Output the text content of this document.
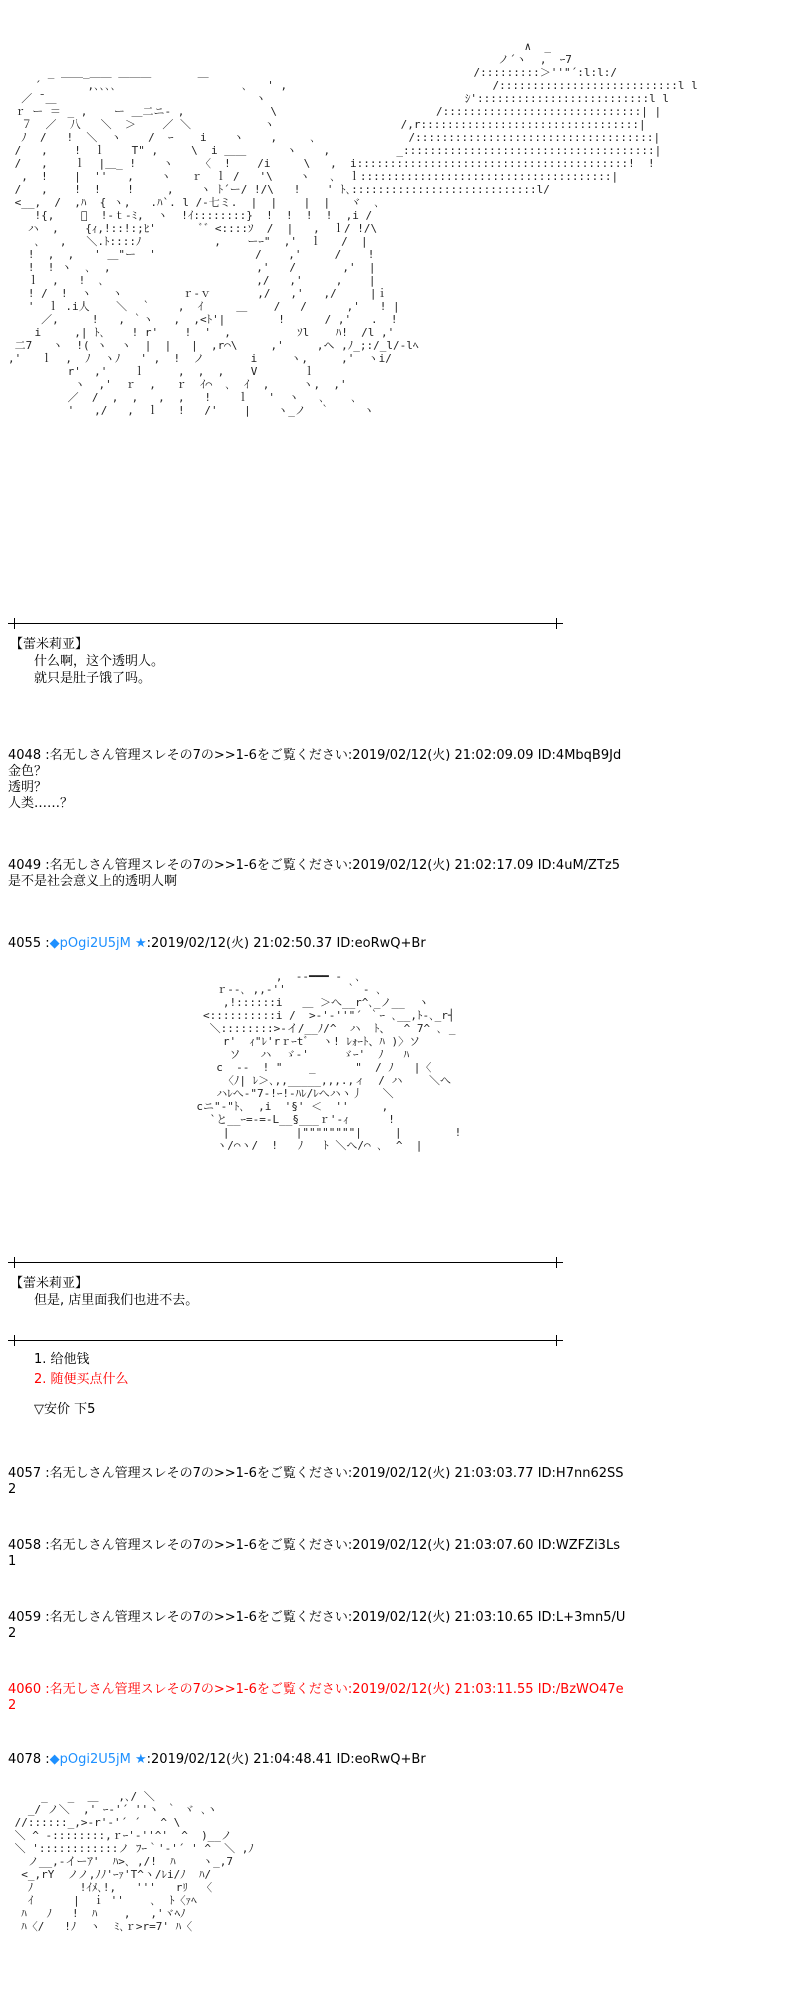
∧  _
ノ´ヽ  ,  ｰ7
_ ＿＿_＿＿ ＿＿＿       ＿                                        /:::::::::＞''"´:l:l:/
´       ,､､､､                   ､   ' ,                               /:::::::::::::::::::::::::::l l
／ ̄ ＿                              ヽ                              ｼ'::::::::::::::::::::::::::l l
ｒ ー ＝ _ ,    ー ＿二ニ‐ ,             \                        /::::::::::::::::::::::::::::::| |
７  ／  八   ＼  ＞    ／ ＼           ヽ                   /,r:::::::::::::::::::::::::::::::::|
ﾉ  /   !  ＼  ヽ    /  ｰ    i    ヽ    ,     ､              /::::::::::::::::::::::::::::::::::::|
/   ,    !  ｌ    T" ,     \  i ＿＿      ヽ    ,          _::::::::::::::::::::::::::::::::::::::|
/   ,    ｌ  |＿_ !    ヽ    〈  !    /i     \   ,  i:::::::::::::::::::::::::::::::::::::::::!  !
,  !    |  ''   ,    ヽ   ｒ  ｌ /   '\    ヽ   ､  ｌ::::::::::::::::::::::::::::::::::::::|
/   ,    !  !    !     ,    ヽ ﾄ´ー/ !/\   !    ' ﾄ､::::::::::::::::::::::::::::l/
<__,  /  ,ﾊ  { ヽ,   .ﾊ`. l /-七ミ.  |  |    |  |   ヾ  ､
!{,    ﾞ  !-ｔ-ﾐ,  ヽ  !ｲ::::::::}  !  !  !  !  ,i /
ハ  ,    {ｨ,!::!:;ﾋ'       ﾞ゛<::::ｿ  /  |   ,  ｌ/ !/\
､   ,   ＼.ﾄ::::ﾉ           ,    ーｰ"  ,'  ｌ   /  |
!  ,  ,   ' ＿"ー  '               /    ,'     /    !
!  ! ヽ  ､  ,                      ,'   /       ,'  |
ｌ  ,   !  ､                       ,/   ,'     ,    |
! /  !  ヽ   ヽ         ｒ-ｖ       ,/   ,'   ,/     |ｉ
'  ｌ .i人    ＼  ｀    ,  ｲ     ＿    /   /      ,'   ! |
／,     !   , ｀ヽ   ,  ,<ﾄ'|        !      / ,'   .  !
i     ,| ﾄ､    ! r'    !  '  ,          ｿl    ﾊ!  /l ,'
二7   ヽ  !( ヽ  ヽ  |  |   |  ,r⌒\     ,'     ,ヘ ,ﾉ_;:/_l/-lﾍ
,'   ｌ  ,  ﾉ  ヽﾉ   ' ,  !  ノ       i     ヽ,     ,'  ヽi/
r'  ,'    ｌ     ,  ,  ,    V       ｌ
ヽ  ,'  ｒ  ,   ｒ  ｲ⌒  ､  ｲ  ,     ヽ,  ,'
／  /  ,  ,   ,  ,   !    ｌ   '  ヽ   ､    ､
'   ,/   ,  ｌ   !   /'    |    ヽ_ノ  ｀     ヽ
【蕾米莉亚】
什么啊，这个透明人。
就只是肚子饿了吗。
4048 :名无しさん管理スレその7の>>1-6をご覧ください:2019/02/12(火) 21:02:09.09 ID:4MbqB9Jd
金色？
透明？
人类……？
4049 :名无しさん管理スレその7の>>1-6をご覧ください:2019/02/12(火) 21:02:17.09 ID:4uM/ZTz5
是不是社会意义上的透明人啊
4055 :◆pOgi2U5jM ★:2019/02/12(火) 21:02:50.37 ID:eoRwQ+Br
,  --━━━ -  ､
ｒ‐-､ ,,-''         ｀ ‐ ､
,!::::::i   ＿ ＞へ__r^､_ノ__  ヽ
<::::::::::i /  >-'‐''"´ ｀ｰ ､__,ﾄ-､_r┤
＼::::::::>-イ/__ﾉ/^  ハ  ﾄ、  ^ 7^ ､ _
r'  ｨ"ﾚ'rｒｰtﾞ  ヽ! ﾚｫｰﾄ、ﾊ )〉ソ
ソ   ハ  ゞ-'     ゞｰ'  ﾉ   ﾊ
c  --  ! "    _      "  / ﾉ   |〈
〈ﾉ| ﾚ＞､,,_____,,,.,ィ  / ハ    ＼へ
ハﾚへ‐"7‐!ｰ!-ﾊﾚ/ﾚへハヽ丿   ＼
cニ"-"ﾄ､  ,i  '§' ＜  ''     ,
`と__ｰ=‐=-L__§___ｒ'-ｨ      !
|          |""""""""|     |        !
ヽ/⌒ヽ/  !   ﾉ   ﾄ ＼へ/⌒ ､  ^  |
【蕾米莉亚】
但是, 店里面我们也进不去。
1. 给他钱
2. 随便买点什么
▽安价 下5
4057 :名无しさん管理スレその7の>>1-6をご覧ください:2019/02/12(火) 21:03:03.77 ID:H7nn62SS
2
4058 :名无しさん管理スレその7の>>1-6をご覧ください:2019/02/12(火) 21:03:07.60 ID:WZFZi3Ls
1
4059 :名无しさん管理スレその7の>>1-6をご覧ください:2019/02/12(火) 21:03:10.65 ID:L+3mn5/U
2
4060 :名无しさん管理スレその7の>>1-6をご覧ください:2019/02/12(火) 21:03:11.55 ID:/BzWO47e
2
4078 :◆pOgi2U5jM ★:2019/02/12(火) 21:04:48.41 ID:eoRwQ+Br
_   _  ＿   ,､/ ＼
_/ ノ＼  ,' ｰ‐'´ ''ヽ ｀ ヾ ､ヽ
//::::::_,>-r'‐'´ ´   ^ \
＼ ^ ‐::::::::,ｒｰ'‐''^'  ^  )__ノ
＼ '::::::::::::ノ ﾌｰ｀'‐'´ ' ^  ＼ ,ﾉ
ノ__,‐イーｱ'  ﾊ>､ ,/!  ﾊ    ヽ_,7
<_,rY  ノノ,ﾉﾉ'ｰｧ'T^ヽ/ﾚi/ﾉ  ﾊ/
ﾉ       !ｲﾒ､!,   '''   rﾘ  〈
ｲ      |  ｉ ''    ､  ﾄ〈ｧﾍ
ﾊ   ﾉ   !  ﾊ    ,   ,'ヾﾍﾉ
ﾊ〈/   !ﾉ  ヽ  ﾐ､ｒ>r=7' ﾊ〈
